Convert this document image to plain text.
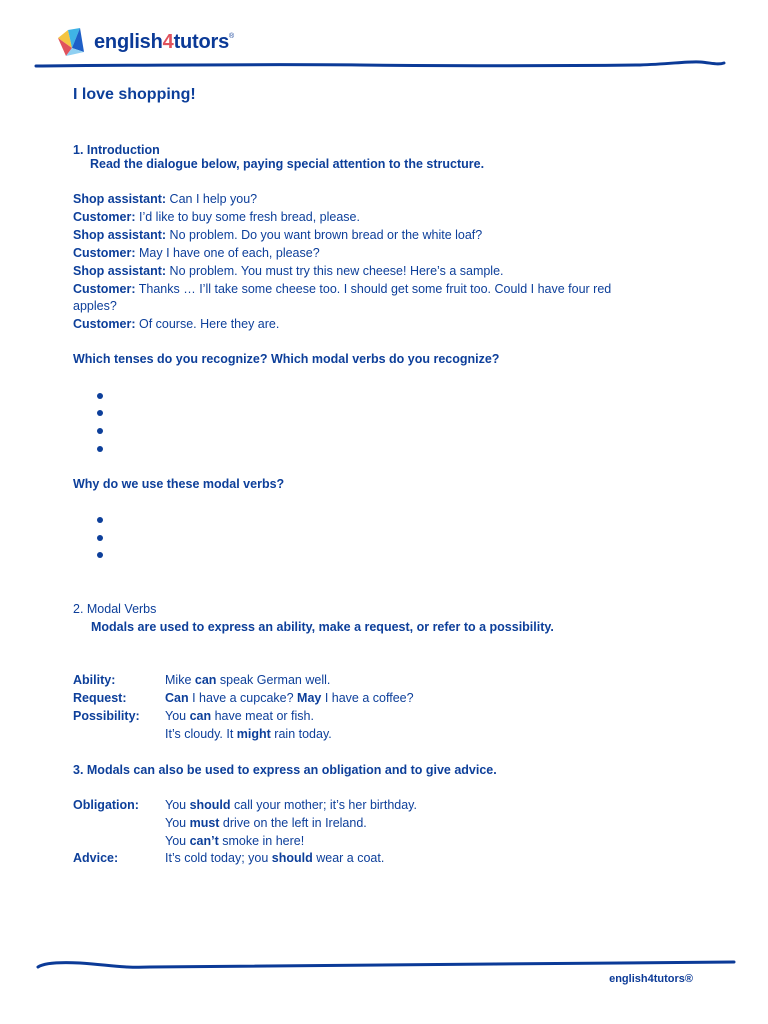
english4tutors®
I love shopping!
1. Introduction
Read the dialogue below, paying special attention to the structure.
Shop assistant: Can I help you?
Customer: I’d like to buy some fresh bread, please.
Shop assistant: No problem. Do you want brown bread or the white loaf?
Customer: May I have one of each, please?
Shop assistant: No problem. You must try this new cheese! Here’s a sample.
Customer: Thanks … I’ll take some cheese too. I should get some fruit too. Could I have four red
apples?
Customer: Of course. Here they are.
Which tenses do you recognize? Which modal verbs do you recognize?
Why do we use these modal verbs?
2. Modal Verbs
Modals are used to express an ability, make a request, or refer to a possibility.
Ability:	Mike can speak German well.
Request:	Can I have a cupcake? May I have a coffee?
Possibility: You can have meat or fish.
It’s cloudy. It might rain today.
3. Modals can also be used to express an obligation and to give advice.
Obligation: You should call your mother; it’s her birthday.
You must drive on the left in Ireland.
You can’t smoke in here!
Advice:	It’s cold today; you should wear a coat.
english4tutors®
